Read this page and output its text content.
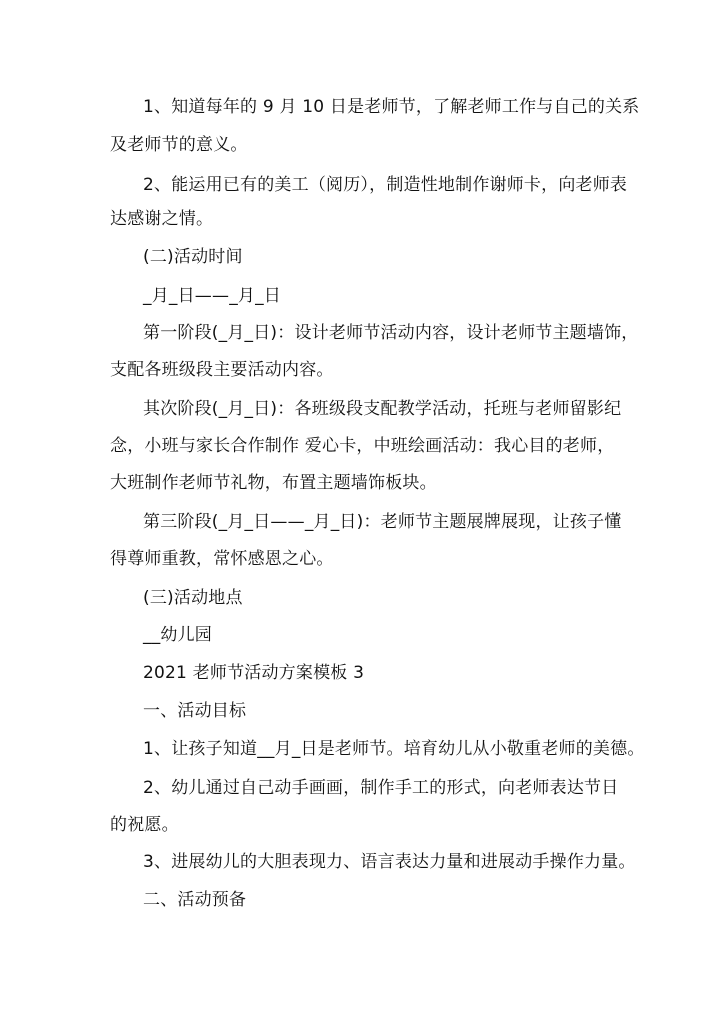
1、知道每年的 9 月 10 日是老师节，了解老师工作与自己的关系
及老师节的意义。
2、能运用已有的美工（阅历），制造性地制作谢师卡，向老师表
达感谢之情。
(二)活动时间
_月_日——_月_日
第一阶段(_月_日)：设计老师节活动内容，设计老师节主题墙饰，
支配各班级段主要活动内容。
其次阶段(_月_日)：各班级段支配教学活动，托班与老师留影纪
念，小班与家长合作制作 爱心卡，中班绘画活动：我心目的老师，
大班制作老师节礼物，布置主题墙饰板块。
第三阶段(_月_日——_月_日)：老师节主题展牌展现，让孩子懂
得尊师重教，常怀感恩之心。
(三)活动地点
__幼儿园
2021 老师节活动方案模板 3
一、活动目标
1、让孩子知道__月_日是老师节。培育幼儿从小敬重老师的美德。
2、幼儿通过自己动手画画，制作手工的形式，向老师表达节日
的祝愿。
3、进展幼儿的大胆表现力、语言表达力量和进展动手操作力量。
二、活动预备
